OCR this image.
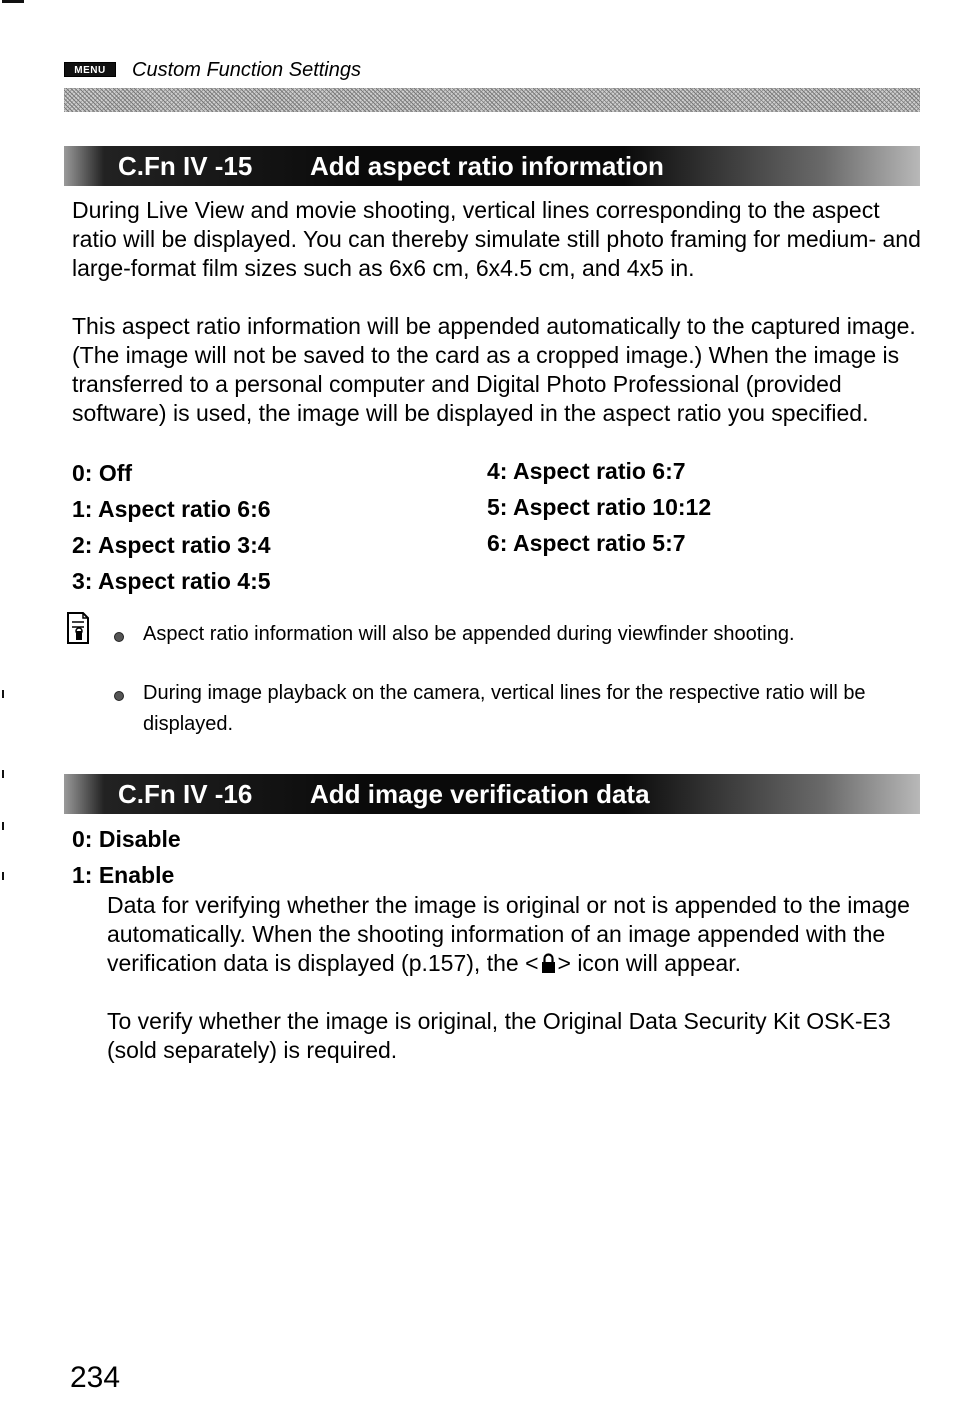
MENU	Custom Function Settings
C.Fn IV -15 Add aspect ratio information

During Live View and movie shooting, vertical lines corresponding to the aspect ratio will be displayed. You can thereby simulate still photo framing for medium- and large-format film sizes such as 6x6 cm, 6x4.5 cm, and 4x5 in.

This aspect ratio information will be appended automatically to the captured image. (The image will not be saved to the card as a cropped image.) When the image is transferred to a personal computer and Digital Photo Professional (provided software) is used, the image will be displayed in the aspect ratio you specified.

0: Off
1: Aspect ratio 6:6
2: Aspect ratio 3:4
3: Aspect ratio 4:5
4: Aspect ratio 6:7
5: Aspect ratio 10:12
6: Aspect ratio 5:7

Aspect ratio information will also be appended during viewfinder shooting.

During image playback on the camera, vertical lines for the respective ratio will be displayed.

C.Fn IV -16 Add image verification data
0: Disable
1: Enable

Data for verifying whether the image is original or not is appended to the image automatically. When the shooting information of an image appended with the verification data is displayed (p.157), the < > icon will appear.

To verify whether the image is original, the Original Data Security Kit OSK-E3 (sold separately) is required.

234
